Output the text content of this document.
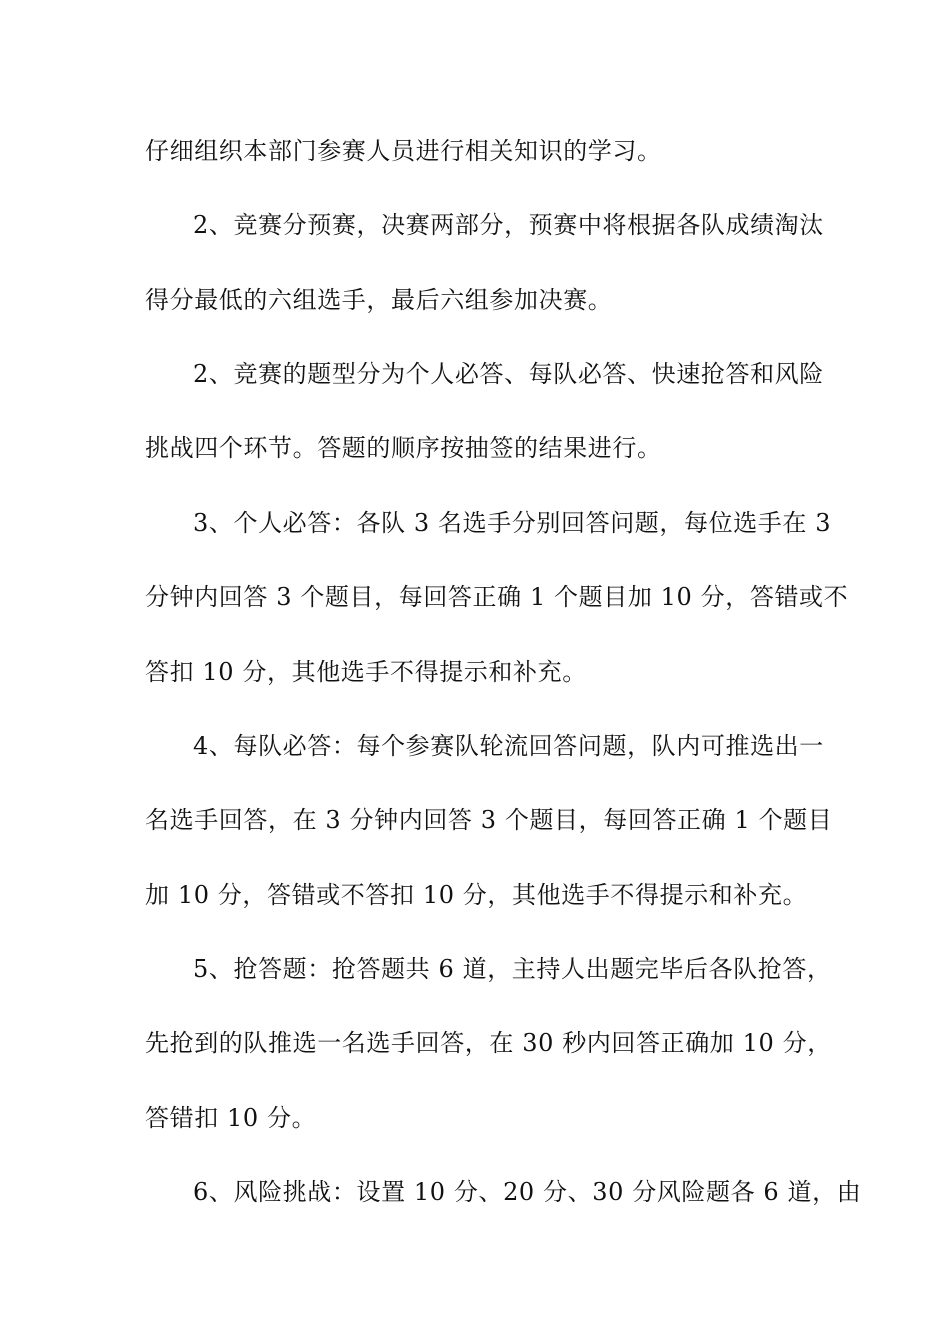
仔细组织本部门参赛人员进行相关知识的学习。
2、竞赛分预赛，决赛两部分，预赛中将根据各队成绩淘汰
得分最低的六组选手，最后六组参加决赛。
2、竞赛的题型分为个人必答、每队必答、快速抢答和风险
挑战四个环节。答题的顺序按抽签的结果进行。
3、个人必答：各队 3 名选手分别回答问题，每位选手在 3
分钟内回答 3 个题目，每回答正确 1 个题目加 10 分，答错或不
答扣 10 分，其他选手不得提示和补充。
4、每队必答：每个参赛队轮流回答问题，队内可推选出一
名选手回答，在 3 分钟内回答 3 个题目，每回答正确 1 个题目
加 10 分，答错或不答扣 10 分，其他选手不得提示和补充。
5、抢答题：抢答题共 6 道，主持人出题完毕后各队抢答，
先抢到的队推选一名选手回答，在 30 秒内回答正确加 10 分，
答错扣 10 分。
6、风险挑战：设置 10 分、20 分、30 分风险题各 6 道，由
